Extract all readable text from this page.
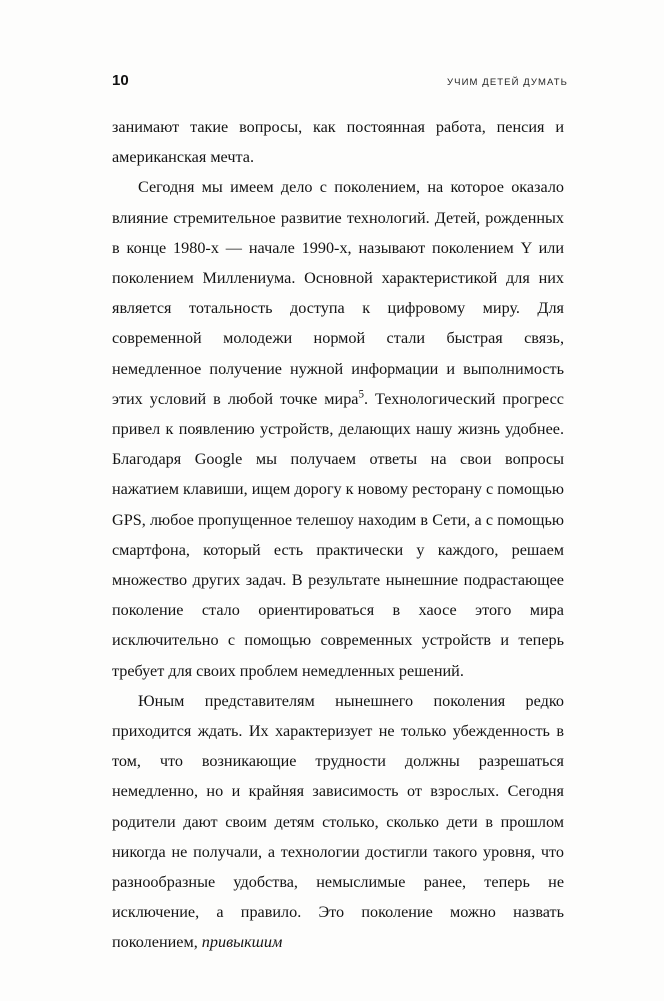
10	УЧИМ ДЕТЕЙ ДУМАТЬ

занимают такие вопросы, как постоянная работа, пенсия и американская мечта.

Сегодня мы имеем дело с поколением, на которое оказало влияние стремительное развитие технологий. Детей, рожденных в конце 1980-х — начале 1990-х, называют поколением Y или поколением Миллениума. Основной характеристикой для них является тотальность доступа к цифровому миру. Для современной молодежи нормой стали быстрая связь, немедленное получение нужной информации и выполнимость этих условий в любой точке мира$^5$. Технологический прогресс привел к появлению устройств, делающих нашу жизнь удобнее. Благодаря Google мы получаем ответы на свои вопросы нажатием клавиши, ищем дорогу к новому ресторану с помощью GPS, любое пропущенное телешоу находим в Сети, а с помощью смартфона, который есть практически у каждого, решаем множество других задач. В результате нынешние подрастающее поколение стало ориентироваться в хаосе этого мира исключительно с помощью современных устройств и теперь требует для своих проблем немедленных решений.

Юным представителям нынешнего поколения редко приходится ждать. Их характеризует не только убежденность в том, что возникающие трудности должны разрешаться немедленно, но и крайняя зависимость от взрослых. Сегодня родители дают своим детям столько, сколько дети в прошлом никогда не получали, а технологии достигли такого уровня, что разнообразные удобства, немыслимые ранее, теперь не исключение, а правило. Это поколение можно назвать поколением, привыкшим
